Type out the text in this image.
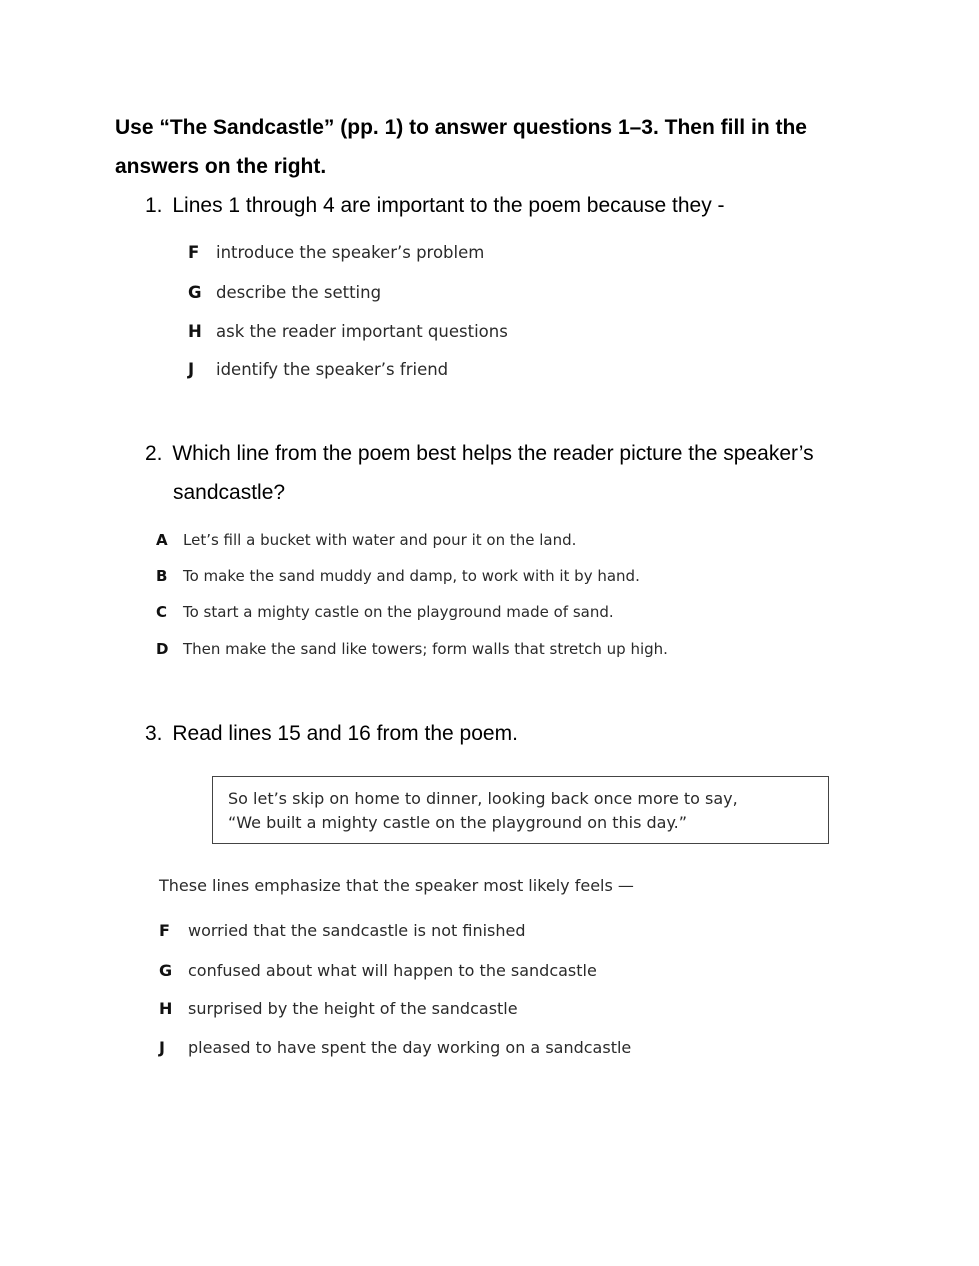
Use “The Sandcastle” (pp. 1) to answer questions 1–3. Then fill in the
answers on the right.
1. Lines 1 through 4 are important to the poem because they -
F introduce the speaker’s problem
G describe the setting
H ask the reader important questions
J identify the speaker’s friend
2. Which line from the poem best helps the reader picture the speaker’s
sandcastle?
A Let’s fill a bucket with water and pour it on the land.
B To make the sand muddy and damp, to work with it by hand.
C To start a mighty castle on the playground made of sand.
D Then make the sand like towers; form walls that stretch up high.
3. Read lines 15 and 16 from the poem.
So let’s skip on home to dinner, looking back once more to say,
“We built a mighty castle on the playground on this day.”
These lines emphasize that the speaker most likely feels —
F worried that the sandcastle is not finished
G confused about what will happen to the sandcastle
H surprised by the height of the sandcastle
J pleased to have spent the day working on a sandcastle
